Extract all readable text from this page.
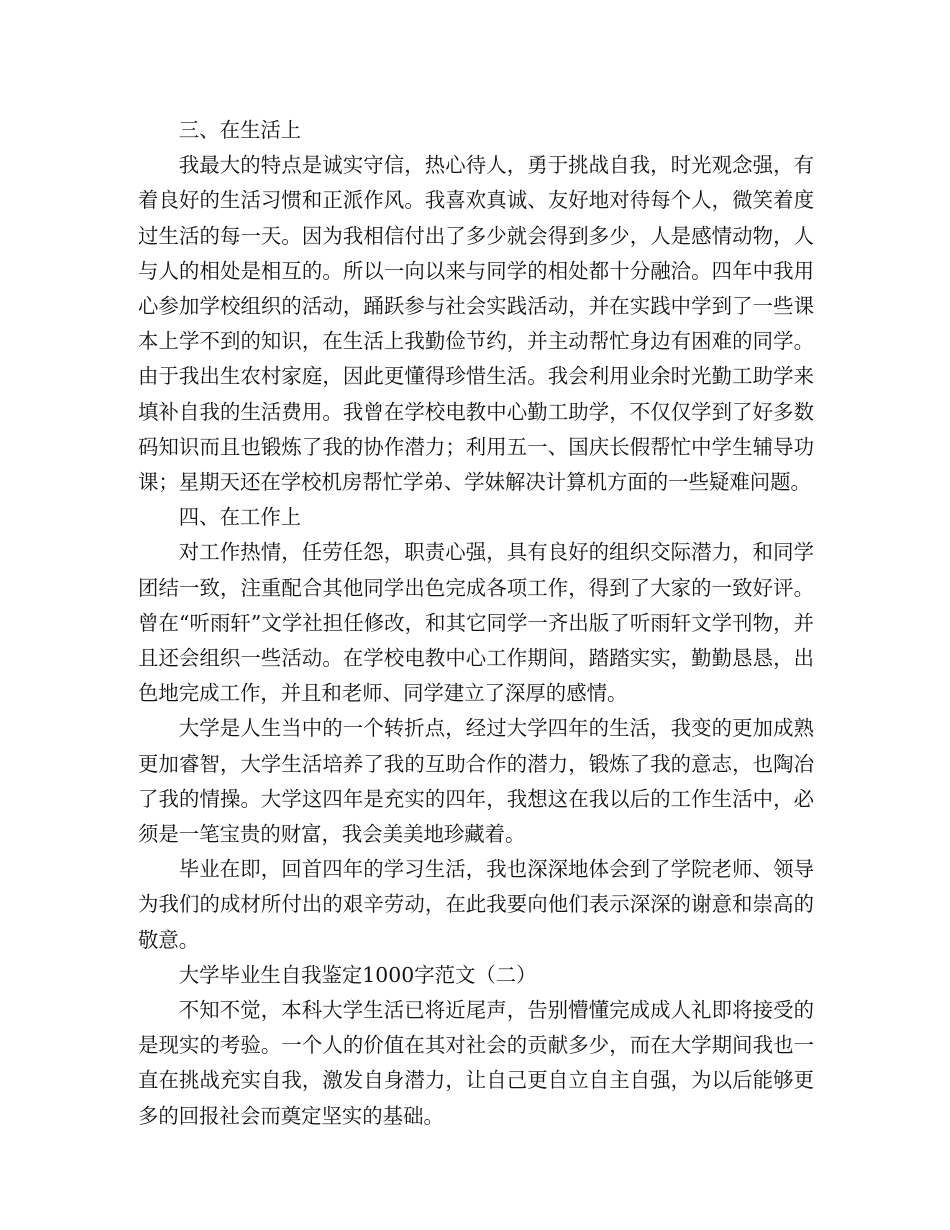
三、在生活上

我最大的特点是诚实守信，热心待人，勇于挑战自我，时光观念强，有着良好的生活习惯和正派作风。我喜欢真诚、友好地对待每个人，微笑着度过生活的每一天。因为我相信付出了多少就会得到多少，人是感情动物，人与人的相处是相互的。所以一向以来与同学的相处都十分融洽。四年中我用心参加学校组织的活动，踊跃参与社会实践活动，并在实践中学到了一些课本上学不到的知识，在生活上我勤俭节约，并主动帮忙身边有困难的同学。由于我出生农村家庭，因此更懂得珍惜生活。我会利用业余时光勤工助学来填补自我的生活费用。我曾在学校电教中心勤工助学，不仅仅学到了好多数码知识而且也锻炼了我的协作潜力；利用五一、国庆长假帮忙中学生辅导功课；星期天还在学校机房帮忙学弟、学妹解决计算机方面的一些疑难问题。

四、在工作上

对工作热情，任劳任怨，职责心强，具有良好的组织交际潜力，和同学团结一致，注重配合其他同学出色完成各项工作，得到了大家的一致好评。曾在“听雨轩”文学社担任修改，和其它同学一齐出版了听雨轩文学刊物，并且还会组织一些活动。在学校电教中心工作期间，踏踏实实，勤勤恳恳，出色地完成工作，并且和老师、同学建立了深厚的感情。

大学是人生当中的一个转折点，经过大学四年的生活，我变的更加成熟更加睿智，大学生活培养了我的互助合作的潜力，锻炼了我的意志，也陶冶了我的情操。大学这四年是充实的四年，我想这在我以后的工作生活中，必须是一笔宝贵的财富，我会美美地珍藏着。

毕业在即，回首四年的学习生活，我也深深地体会到了学院老师、领导为我们的成材所付出的艰辛劳动，在此我要向他们表示深深的谢意和崇高的敬意。

大学毕业生自我鉴定1000字范文（二）

不知不觉，本科大学生活已将近尾声，告别懵懂完成成人礼即将接受的是现实的考验。一个人的价值在其对社会的贡献多少，而在大学期间我也一直在挑战充实自我，激发自身潜力，让自己更自立自主自强，为以后能够更多的回报社会而奠定坚实的基础。
